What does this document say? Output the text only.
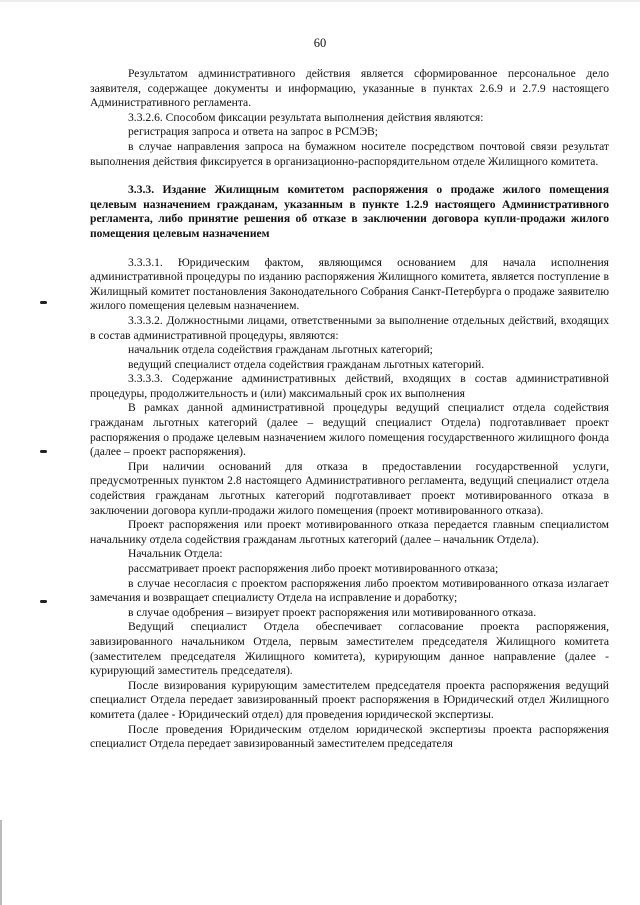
60

Результатом административного действия является сформированное персональное дело заявителя, содержащее документы и информацию, указанные в пунктах 2.6.9 и 2.7.9 настоящего Административного регламента.

3.3.2.6. Способом фиксации результата выполнения действия являются:

регистрация запроса и ответа на запрос в РСМЭВ;

в случае направления запроса на бумажном носителе посредством почтовой связи результат выполнения действия фиксируется в организационно-распорядительном отделе Жилищного комитета.

3.3.3. Издание Жилищным комитетом распоряжения о продаже жилого помещения целевым назначением гражданам, указанным в пункте 1.2.9 настоящего Административного регламента, либо принятие решения об отказе в заключении договора купли-продажи жилого помещения целевым назначением

3.3.3.1. Юридическим фактом, являющимся основанием для начала исполнения административной процедуры по изданию распоряжения Жилищного комитета, является поступление в Жилищный комитет постановления Законодательного Собрания Санкт-Петербурга о продаже заявителю жилого помещения целевым назначением.

3.3.3.2. Должностными лицами, ответственными за выполнение отдельных действий, входящих в состав административной процедуры, являются:

начальник отдела содействия гражданам льготных категорий;

ведущий специалист отдела содействия гражданам льготных категорий.

3.3.3.3. Содержание административных действий, входящих в состав административной процедуры, продолжительность и (или) максимальный срок их выполнения

В рамках данной административной процедуры ведущий специалист отдела содействия гражданам льготных категорий (далее – ведущий специалист Отдела) подготавливает проект распоряжения о продаже целевым назначением жилого помещения государственного жилищного фонда (далее – проект распоряжения).

При наличии оснований для отказа в предоставлении государственной услуги, предусмотренных пунктом 2.8 настоящего Административного регламента, ведущий специалист отдела содействия гражданам льготных категорий подготавливает проект мотивированного отказа в заключении договора купли-продажи жилого помещения (проект мотивированного отказа).

Проект распоряжения или проект мотивированного отказа передается главным специалистом начальнику отдела содействия гражданам льготных категорий (далее – начальник Отдела).

Начальник Отдела:

рассматривает проект распоряжения либо проект мотивированного отказа;

в случае несогласия с проектом распоряжения либо проектом мотивированного отказа излагает замечания и возвращает специалисту Отдела на исправление и доработку;

в случае одобрения – визирует проект распоряжения или мотивированного отказа.

Ведущий специалист Отдела обеспечивает согласование проекта распоряжения, завизированного начальником Отдела, первым заместителем председателя Жилищного комитета (заместителем председателя Жилищного комитета), курирующим данное направление (далее - курирующий заместитель председателя).

После визирования курирующим заместителем председателя проекта распоряжения ведущий специалист Отдела передает завизированный проект распоряжения в Юридический отдел Жилищного комитета (далее - Юридический отдел) для проведения юридической экспертизы.

После проведения Юридическим отделом юридической экспертизы проекта распоряжения специалист Отдела передает завизированный заместителем председателя
